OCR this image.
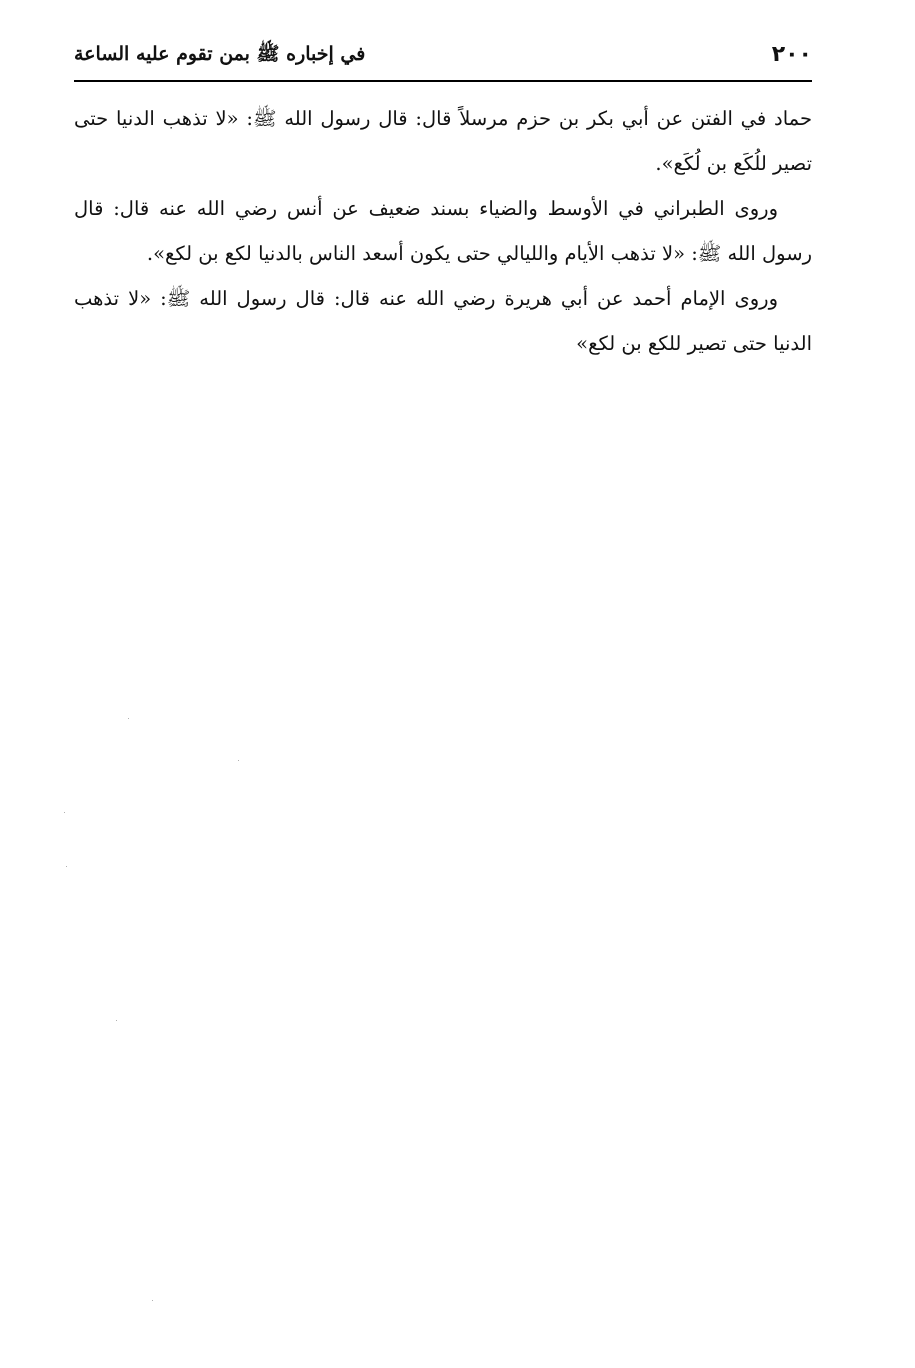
٢٠٠
في إخباره ﷺ بمن تقوم عليه الساعة

حماد في الفتن عن أبي بكر بن حزم مرسلاً قال: قال رسول الله ﷺ: «لا تذهب الدنيا حتى تصير للُكَع بن لُكَع».

وروى الطبراني في الأوسط والضياء بسند ضعيف عن أنس رضي الله عنه قال: قال رسول الله ﷺ: «لا تذهب الأيام والليالي حتى يكون أسعد الناس بالدنيا لكع بن لكع».

وروى الإمام أحمد عن أبي هريرة رضي الله عنه قال: قال رسول الله ﷺ: «لا تذهب الدنيا حتى تصير للكع بن لكع»
